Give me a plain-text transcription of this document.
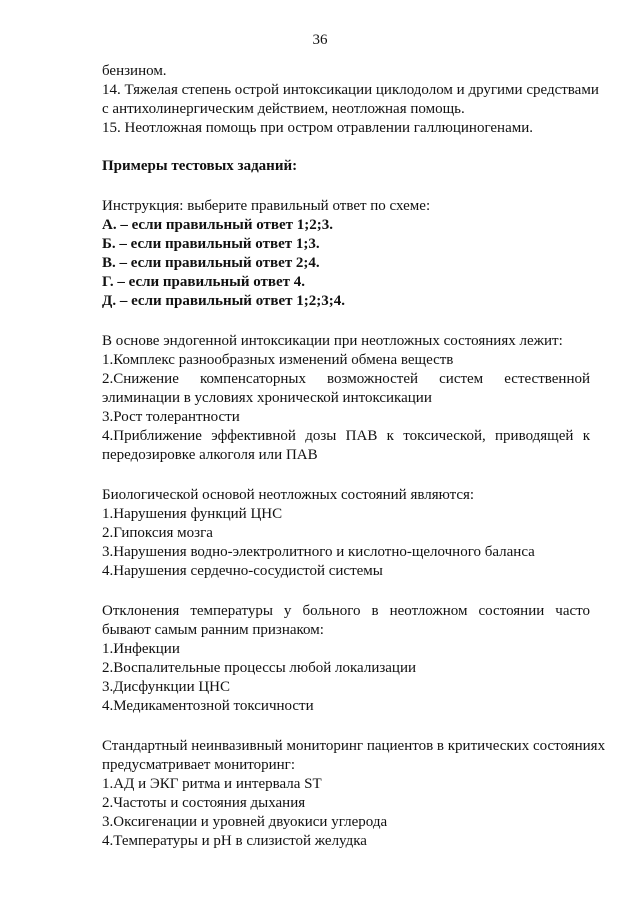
36
бензином.
14. Тяжелая степень острой интоксикации циклодолом и другими средствами
с антихолинергическим действием, неотложная помощь.
15. Неотложная помощь при остром отравлении галлюциногенами.
Примеры тестовых заданий:
Инструкция: выберите правильный ответ по схеме:
А. – если правильный ответ 1;2;3.
Б. – если правильный ответ 1;3.
В. – если правильный ответ 2;4.
Г. – если правильный ответ 4.
Д. – если правильный ответ 1;2;3;4.
В основе эндогенной интоксикации при неотложных состояниях лежит:
1.Комплекс разнообразных изменений обмена веществ
2.Снижение компенсаторных возможностей систем естественной
элиминации в условиях хронической интоксикации
3.Рост толерантности
4.Приближение эффективной дозы ПАВ к токсической, приводящей к
передозировке алкоголя или ПАВ
Биологической основой неотложных состояний являются:
1.Нарушения функций ЦНС
2.Гипоксия мозга
3.Нарушения водно-электролитного и кислотно-щелочного баланса
4.Нарушения сердечно-сосудистой системы
Отклонения температуры у больного в неотложном состоянии часто
бывают самым ранним признаком:
1.Инфекции
2.Воспалительные процессы любой локализации
3.Дисфункции ЦНС
4.Медикаментозной токсичности
Стандартный неинвазивный мониторинг пациентов в критических состояниях
предусматривает мониторинг:
1.АД и ЭКГ ритма и интервала ST
2.Частоты и состояния дыхания
3.Оксигенации и уровней двуокиси углерода
4.Температуры и pH в слизистой желудка
